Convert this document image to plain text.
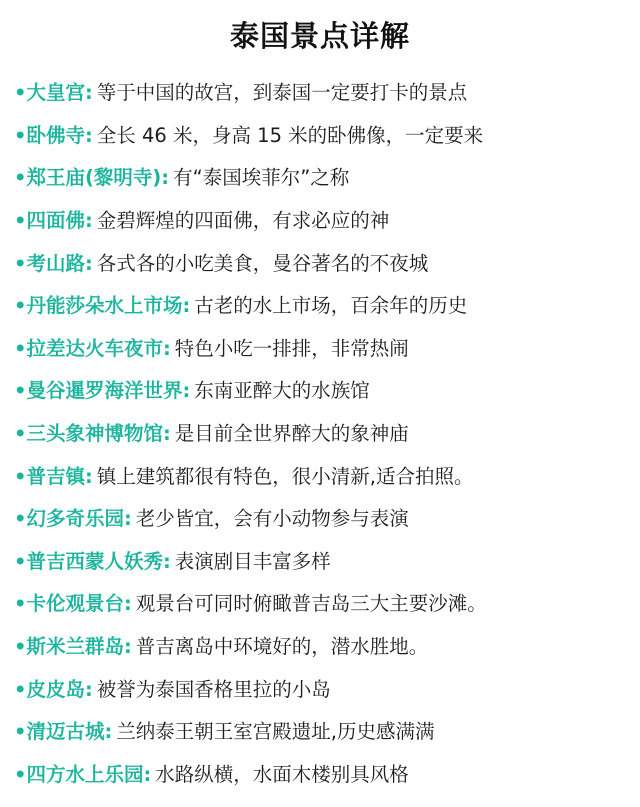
泰国景点详解
•大皇宫: 等于中国的故宫，到泰国一定要打卡的景点
•卧佛寺: 全长 46 米，身高 15 米的卧佛像，一定要来
•郑王庙(黎明寺): 有“泰国埃菲尔”之称
•四面佛: 金碧辉煌的四面佛，有求必应的神
•考山路: 各式各的小吃美食，曼谷著名的不夜城
•丹能莎朵水上市场: 古老的水上市场，百余年的历史
•拉差达火车夜市: 特色小吃一排排，非常热闹
•曼谷暹罗海洋世界: 东南亚醉大的水族馆
•三头象神博物馆: 是目前全世界醉大的象神庙
•普吉镇: 镇上建筑都很有特色，很小清新,适合拍照。
•幻多奇乐园: 老少皆宜，会有小动物参与表演
•普吉西蒙人妖秀: 表演剧目丰富多样
•卡伦观景台: 观景台可同时俯瞰普吉岛三大主要沙滩。
•斯米兰群岛: 普吉离岛中环境好的，潜水胜地。
•皮皮岛: 被誉为泰国香格里拉的小岛
•清迈古城: 兰纳泰王朝王室宫殿遗址,历史感满满
•四方水上乐园: 水路纵横，水面木楼别具风格
